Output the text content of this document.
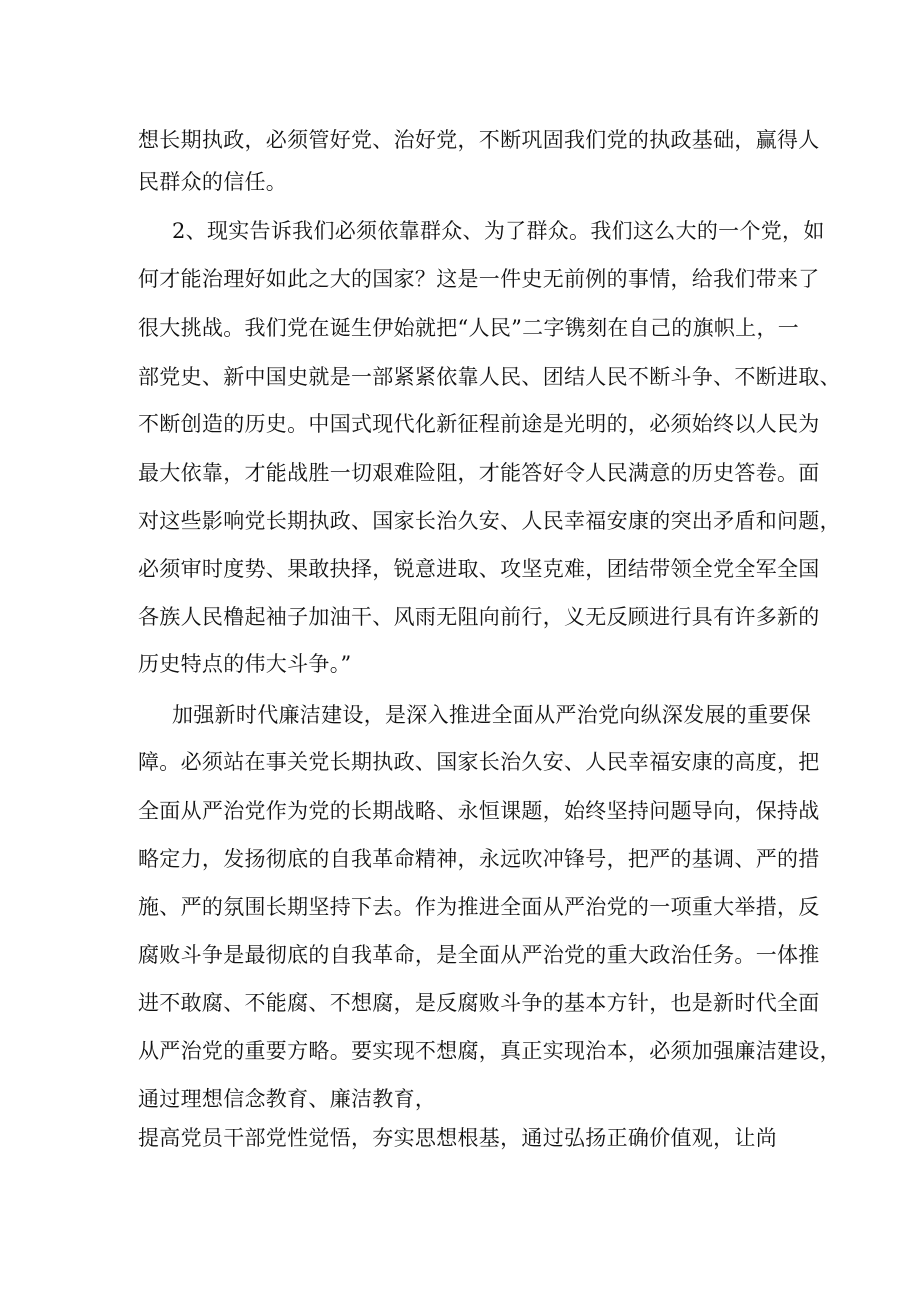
想长期执政，必须管好党、治好党，不断巩固我们党的执政基础，赢得人
民群众的信任。
2、现实告诉我们必须依靠群众、为了群众。我们这么大的一个党，如
何才能治理好如此之大的国家？这是一件史无前例的事情，给我们带来了
很大挑战。我们党在诞生伊始就把“人民”二字镌刻在自己的旗帜上，一
部党史、新中国史就是一部紧紧依靠人民、团结人民不断斗争、不断进取、
不断创造的历史。中国式现代化新征程前途是光明的，必须始终以人民为
最大依靠，才能战胜一切艰难险阻，才能答好令人民满意的历史答卷。面
对这些影响党长期执政、国家长治久安、人民幸福安康的突出矛盾和问题，
必须审时度势、果敢抉择，锐意进取、攻坚克难，团结带领全党全军全国
各族人民橹起袖子加油干、风雨无阻向前行，义无反顾进行具有许多新的
历史特点的伟大斗争。”
加强新时代廉洁建设，是深入推进全面从严治党向纵深发展的重要保
障。必须站在事关党长期执政、国家长治久安、人民幸福安康的高度，把
全面从严治党作为党的长期战略、永恒课题，始终坚持问题导向，保持战
略定力，发扬彻底的自我革命精神，永远吹冲锋号，把严的基调、严的措
施、严的氛围长期坚持下去。作为推进全面从严治党的一项重大举措，反
腐败斗争是最彻底的自我革命，是全面从严治党的重大政治任务。一体推
进不敢腐、不能腐、不想腐，是反腐败斗争的基本方针，也是新时代全面
从严治党的重要方略。要实现不想腐，真正实现治本，必须加强廉洁建设，
通过理想信念教育、廉洁教育，
提高党员干部党性觉悟，夯实思想根基，通过弘扬正确价值观，让尚
